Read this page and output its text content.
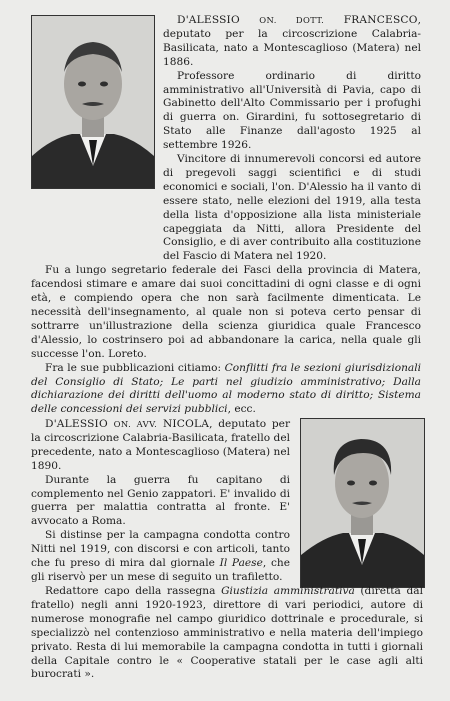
D'ALESSIO ON. DOTT. FRANCESCO, deputato per la circoscrizione Calabria-Basilicata, nato a Montescaglioso (Matera) nel 1886.

Professore ordinario di diritto amministrativo all'Università di Pavia, capo di Gabinetto dell'Alto Commissario per i profughi di guerra on. Girardini, fu sottosegretario di Stato alle Finanze dall'agosto 1925 al settembre 1926.

Vincitore di innumerevoli concorsi ed autore di pregevoli saggi scientifici e di studi economici e sociali, l'on. D'Alessio ha il vanto di essere stato, nelle elezioni del 1919, alla testa della lista d'opposizione alla lista ministeriale capeggiata da Nitti, allora Presidente del Consiglio, e di aver contribuito alla costituzione del Fascio di Matera nel 1920.

Fu a lungo segretario federale dei Fasci della provincia di Matera, facendosi stimare e amare dai suoi concittadini di ogni classe e di ogni età, e compiendo opera che non sarà facilmente dimenticata. Le necessità dell'insegnamento, al quale non si poteva certo pensar di sottrarre un'illustrazione della scienza giuridica quale Francesco d'Alessio, lo costrinsero poi ad abbandonare la carica, nella quale gli successe l'on. Loreto.

Fra le sue pubblicazioni citiamo: Conflitti fra le sezioni giurisdizionali del Consiglio di Stato; Le parti nel giudizio amministrativo; Dalla dichiarazione dei diritti dell'uomo al moderno stato di diritto; Sistema delle concessioni dei servizi pubblici, ecc.

D'ALESSIO ON. AVV. NICOLA, deputato per la circoscrizione Calabria-Basilicata, fratello del precedente, nato a Montescaglioso (Matera) nel 1890.

Durante la guerra fu capitano di complemento nel Genio zappatori. E' invalido di guerra per malattia contratta al fronte. E' avvocato a Roma.

Si distinse per la campagna condotta contro Nitti nel 1919, con discorsi e con articoli, tanto che fu preso di mira dal giornale Il Paese, che gli riservò per un mese di seguito un trafiletto.

Redattore capo della rassegna Giustizia amministrativa (diretta dal fratello) negli anni 1920-1923, direttore di vari periodici, autore di numerose monografie nel campo giuridico dottrinale e procedurale, si specializzò nel contenzioso amministrativo e nella materia dell'impiego privato. Resta di lui memorabile la campagna condotta in tutti i giornali della Capitale contro le « Cooperative statali per le case agli alti burocrati ».
